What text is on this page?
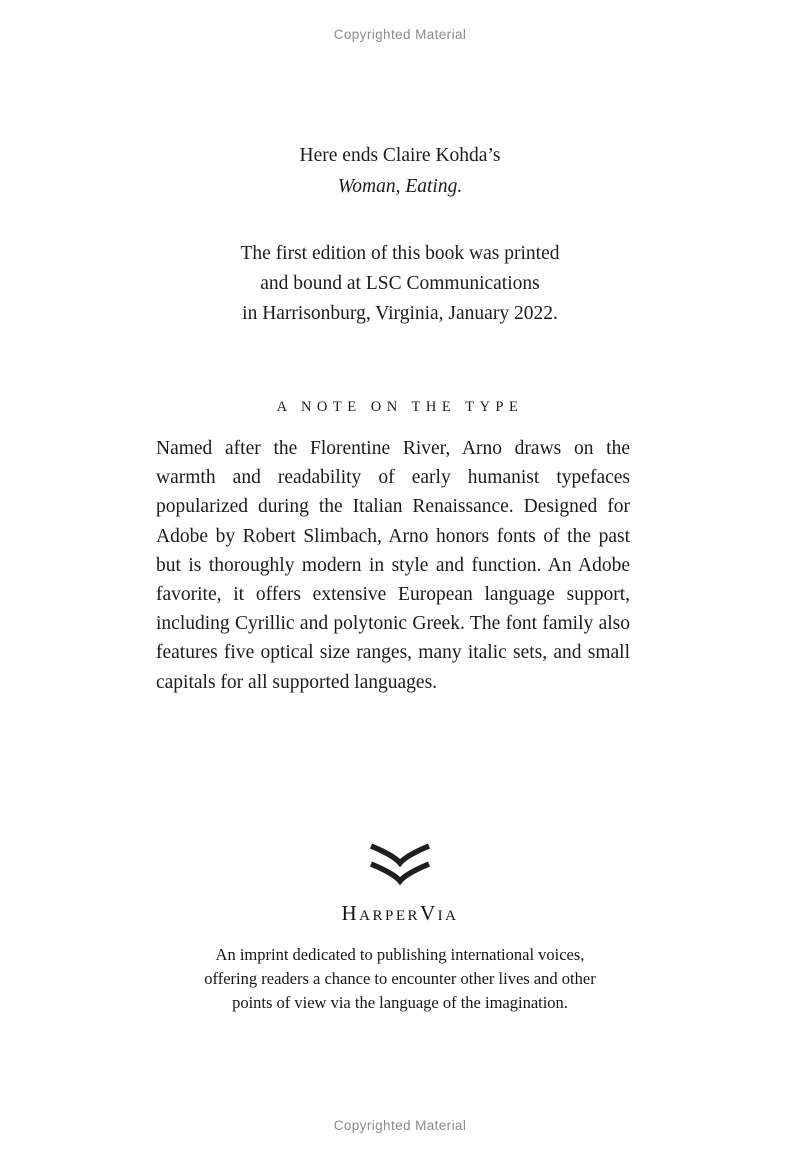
Copyrighted Material
Here ends Claire Kohda’s
Woman, Eating.
The first edition of this book was printed
and bound at LSC Communications
in Harrisonburg, Virginia, January 2022.
A NOTE ON THE TYPE

Named after the Florentine River, Arno draws on the warmth and readability of early humanist typefaces popularized during the Italian Renaissance. Designed for Adobe by Robert Slimbach, Arno honors fonts of the past but is thoroughly modern in style and function. An Adobe favorite, it offers extensive European language support, including Cyrillic and polytonic Greek. The font family also features five optical size ranges, many italic sets, and small capitals for all supported languages.

HarperVia
An imprint dedicated to publishing international voices,
offering readers a chance to encounter other lives and other
points of view via the language of the imagination.
Copyrighted Material
